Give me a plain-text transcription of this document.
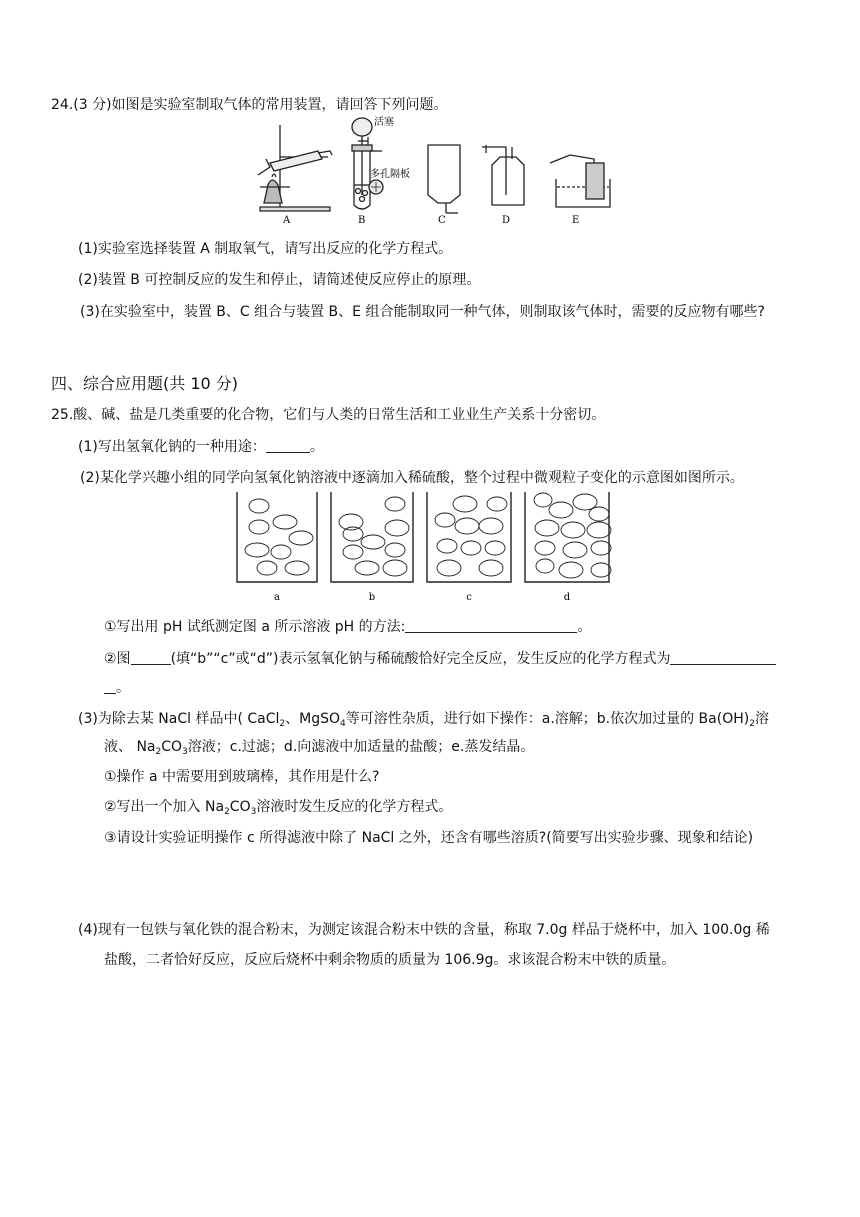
24.(3 分)如图是实验室制取气体的常用装置，请回答下列问题。
A
活塞
多孔隔板
B	C	D	E
(1)实验室选择装置 A 制取氧气，请写出反应的化学方程式。
(2)装置 B 可控制反应的发生和停止，请简述使反应停止的原理。
(3)在实验室中，装置 B、C 组合与装置 B、E 组合能制取同一种气体，则制取该气体时，需要的反应物有哪些?
四、综合应用题(共 10 分)
25.酸、碱、盐是几类重要的化合物，它们与人类的日常生活和工业业生产关系十分密切。
(1)写出氢氧化钠的一种用途：	。
(2)某化学兴趣小组的同学向氢氧化钠溶液中逐滴加入稀硫酸，整个过程中微观粒子变化的示意图如图所示。
a	b	c	d
①写出用 pH 试纸测定图 a 所示溶液 pH 的方法:	。
②图	(填“b”“c”或“d”)表示氢氧化钠与稀硫酸恰好完全反应，发生反应的化学方程式为
。
(3)为除去某 NaCl 样品中( CaCl$_2$、MgSO$_4$等可溶性杂质，进行如下操作：a.溶解；b.依次加过量的 $Ba(OH)_2$溶
液、 $Na_2CO_3$溶液；c.过滤；d.向滤液中加适量的盐酸；e.蒸发结晶。
①操作 a 中需要用到玻璃棒，其作用是什么?
②写出一个加入 $Na_2CO_3$溶液时发生反应的化学方程式。
③请设计实验证明操作 c 所得滤液中除了 NaCl 之外，还含有哪些溶质?(简要写出实验步骤、现象和结论)
(4)现有一包铁与氧化铁的混合粉末，为测定该混合粉末中铁的含量，称取 7.0g 样品于烧杯中，加入 100.0g 稀
盐酸，二者恰好反应，反应后烧杯中剩余物质的质量为 106.9g。求该混合粉末中铁的质量。
